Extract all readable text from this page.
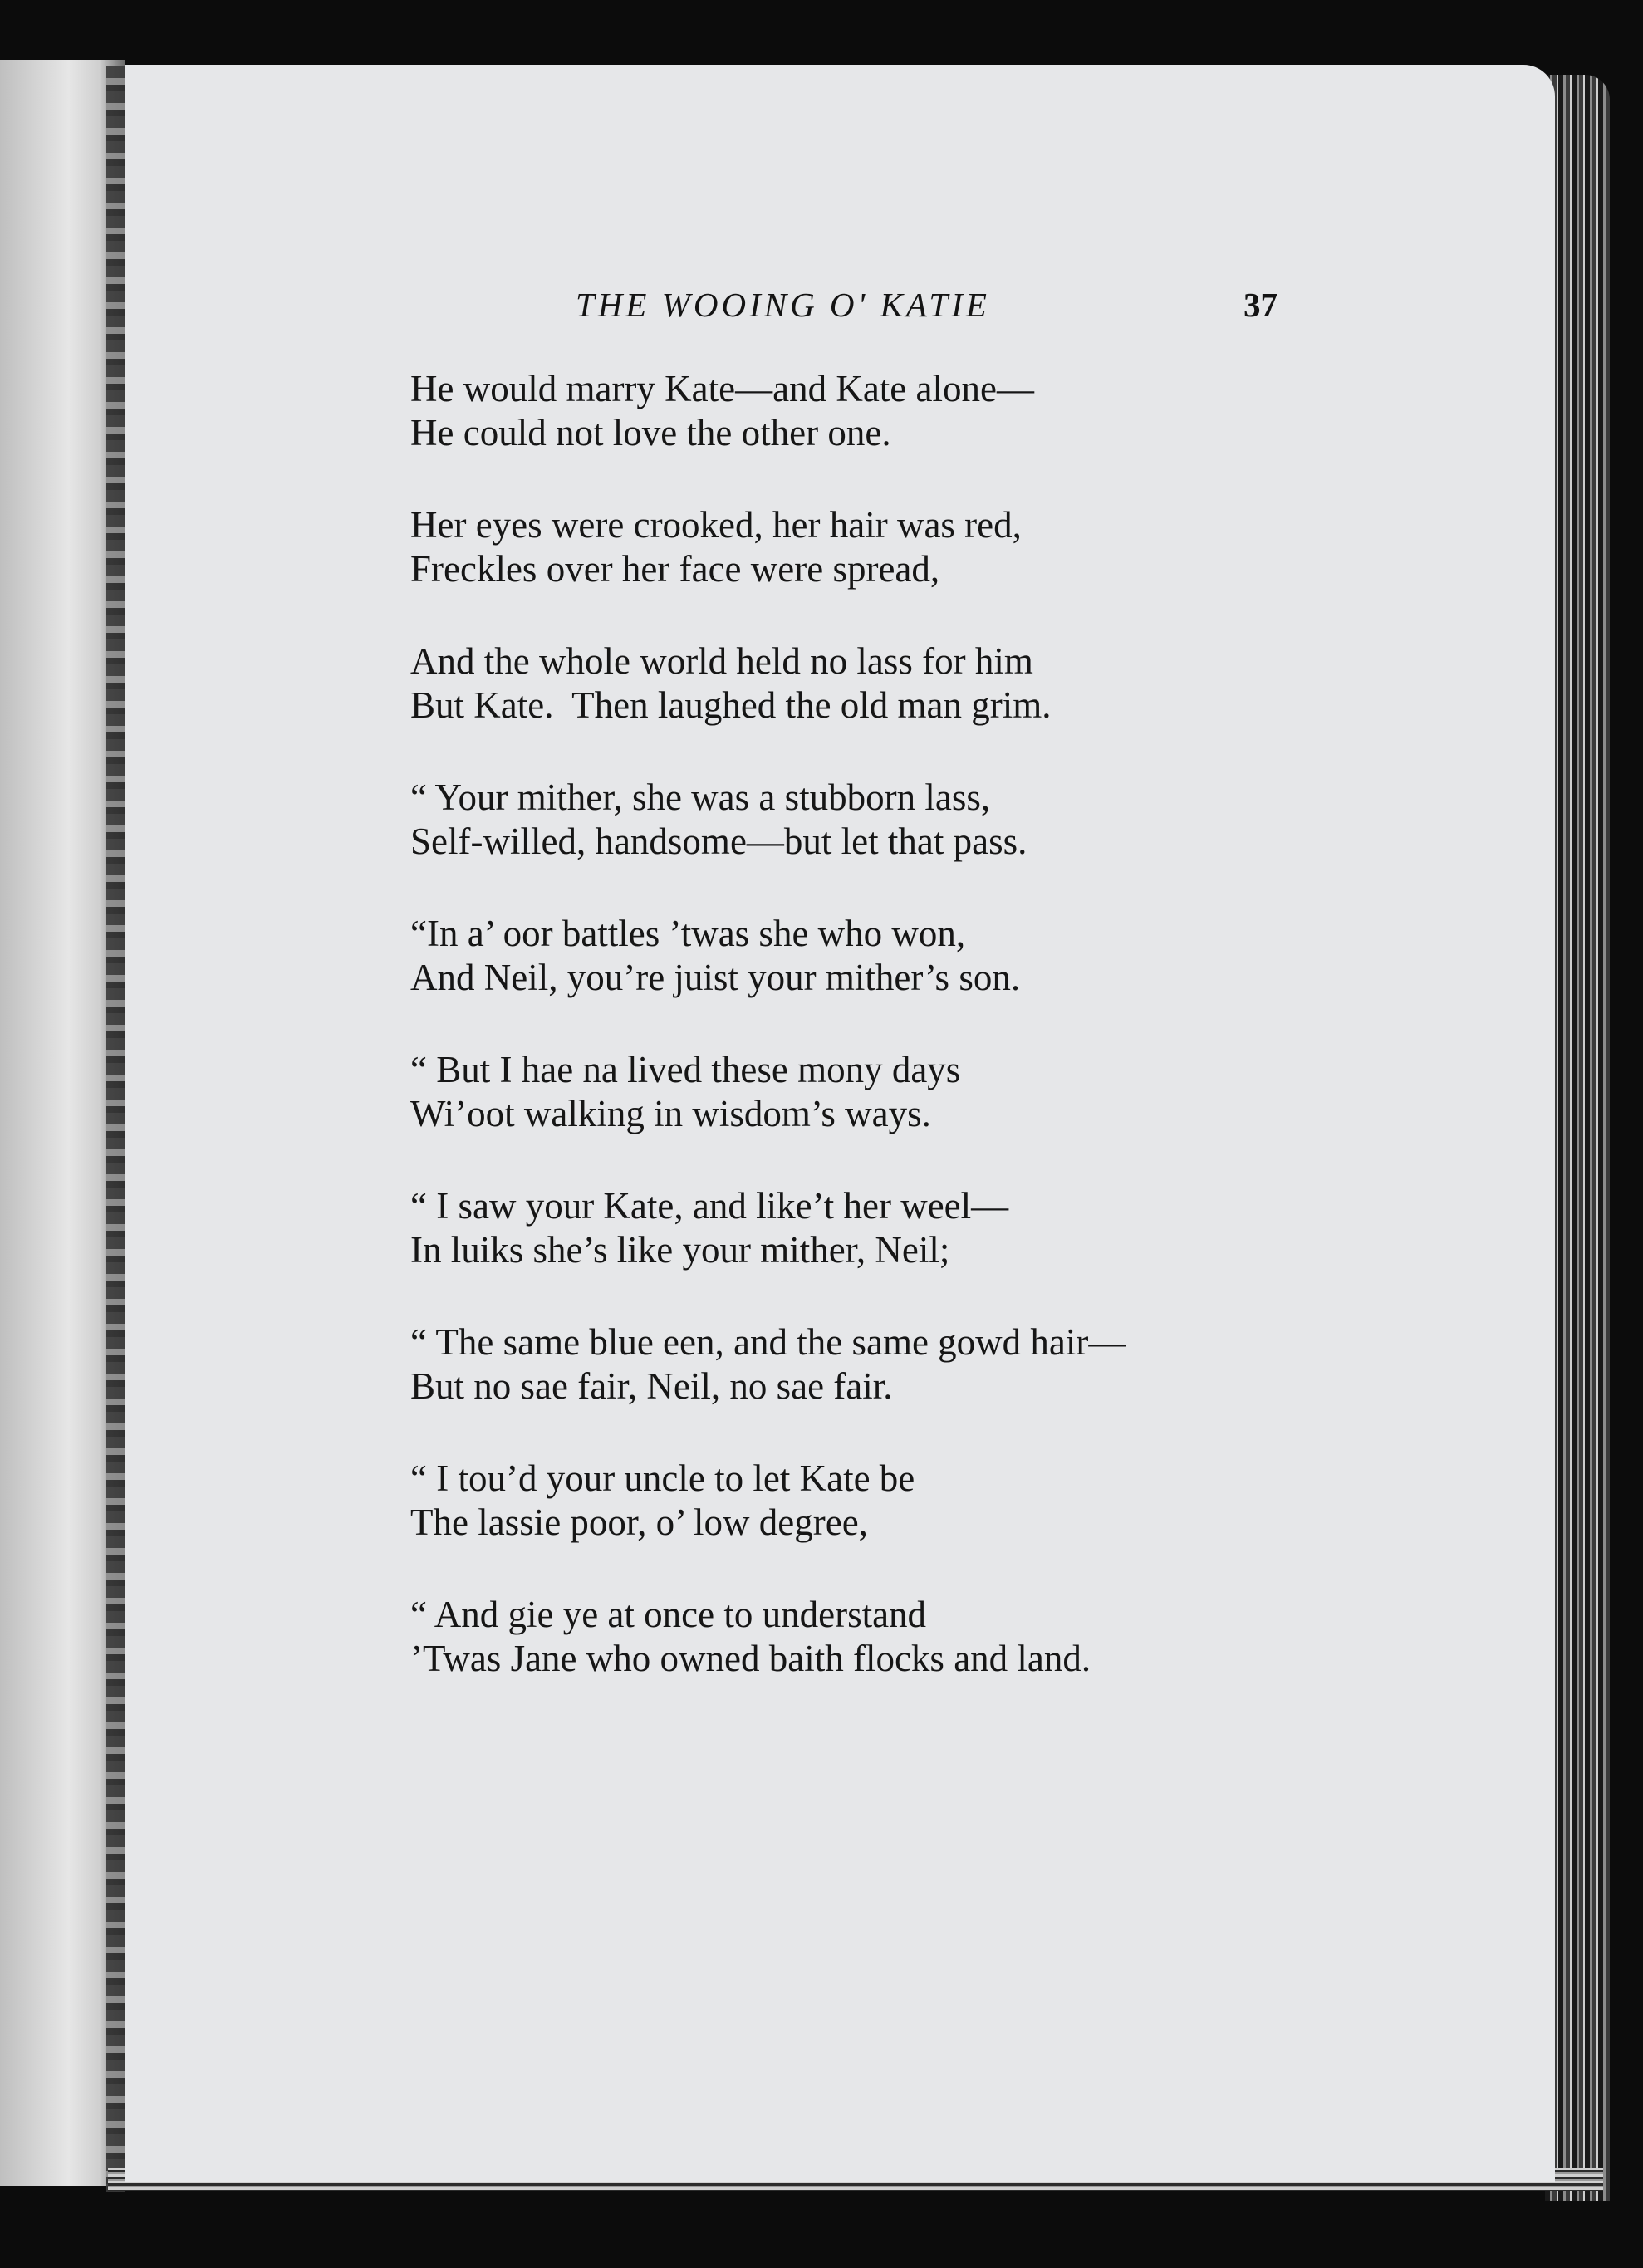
THE WOOING O' KATIE	37
He would marry Kate—and Kate alone—
He could not love the other one.
Her eyes were crooked, her hair was red,
Freckles over her face were spread,
And the whole world held no lass for him
But Kate.  Then laughed the old man grim.
“ Your mither, she was a stubborn lass,
Self-willed, handsome—but let that pass.
“In a’ oor battles ’twas she who won,
And Neil, you’re juist your mither’s son.
“ But I hae na lived these mony days
Wi’oot walking in wisdom’s ways.
“ I saw your Kate, and like’t her weel—
In luiks she’s like your mither, Neil;
“ The same blue een, and the same gowd hair—
But no sae fair, Neil, no sae fair.
“ I tou’d your uncle to let Kate be
The lassie poor, o’ low degree,
“ And gie ye at once to understand
’Twas Jane who owned baith flocks and land.
